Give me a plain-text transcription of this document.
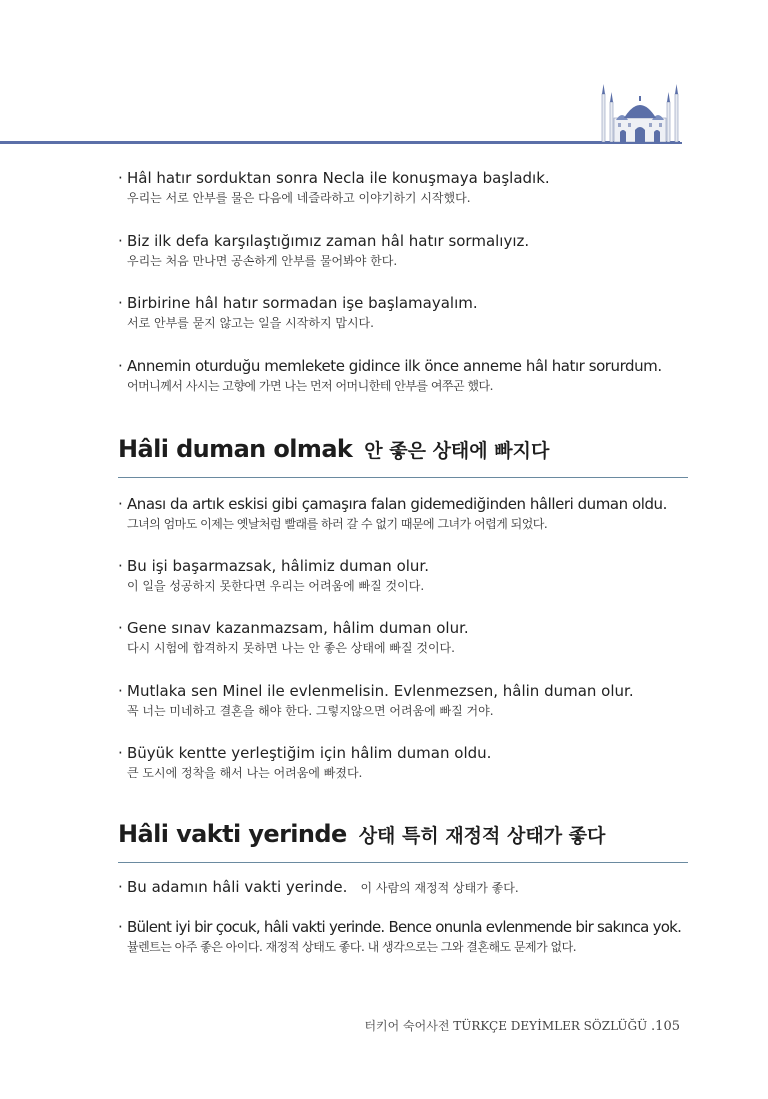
· Hâl hatır sorduktan sonra Necla ile konuşmaya başladık.
우리는 서로 안부를 물은 다음에 네즐라하고 이야기하기 시작했다.
· Biz ilk defa karşılaştığımız zaman hâl hatır sormalıyız.
우리는 처음 만나면 공손하게 안부를 물어봐야 한다.
· Birbirine hâl hatır sormadan işe başlamayalım.
서로 안부를 묻지 않고는 일을 시작하지 맙시다.
· Annemin oturduğu memlekete gidince ilk önce anneme hâl hatır sorurdum.
어머니께서 사시는 고향에 가면 나는 먼저 어머니한테 안부를 여쭈곤 했다.
Hâli duman olmak 안 좋은 상태에 빠지다
· Anası da artık eskisi gibi çamaşıra falan gidemediğinden hâlleri duman oldu.
그녀의 엄마도 이제는 옛날처럼 빨래를 하러 갈 수 없기 때문에 그녀가 어렵게 되었다.
· Bu işi başarmazsak, hâlimiz duman olur.
이 일을 성공하지 못한다면 우리는 어려움에 빠질 것이다.
· Gene sınav kazanmazsam, hâlim duman olur.
다시 시험에 합격하지 못하면 나는 안 좋은 상태에 빠질 것이다.
· Mutlaka sen Minel ile evlenmelisin. Evlenmezsen, hâlin duman olur.
꼭 너는 미네하고 결혼을 해야 한다. 그렇지않으면 어려움에 빠질 거야.
· Büyük kentte yerleştiğim için hâlim duman oldu.
큰 도시에 정착을 해서 나는 어려움에 빠졌다.
Hâli vakti yerinde 상태 특히 재정적 상태가 좋다
· Bu adamın hâli vakti yerinde. 이 사람의 재정적 상태가 좋다.
· Bülent iyi bir çocuk, hâli vakti yerinde. Bence onunla evlenmende bir sakınca yok.
뷸렌트는 아주 좋은 아이다. 재정적 상태도 좋다. 내 생각으로는 그와 결혼해도 문제가 없다.
터키어 숙어사전 TÜRKÇE DEYİMLER SÖZLÜĞÜ .105
